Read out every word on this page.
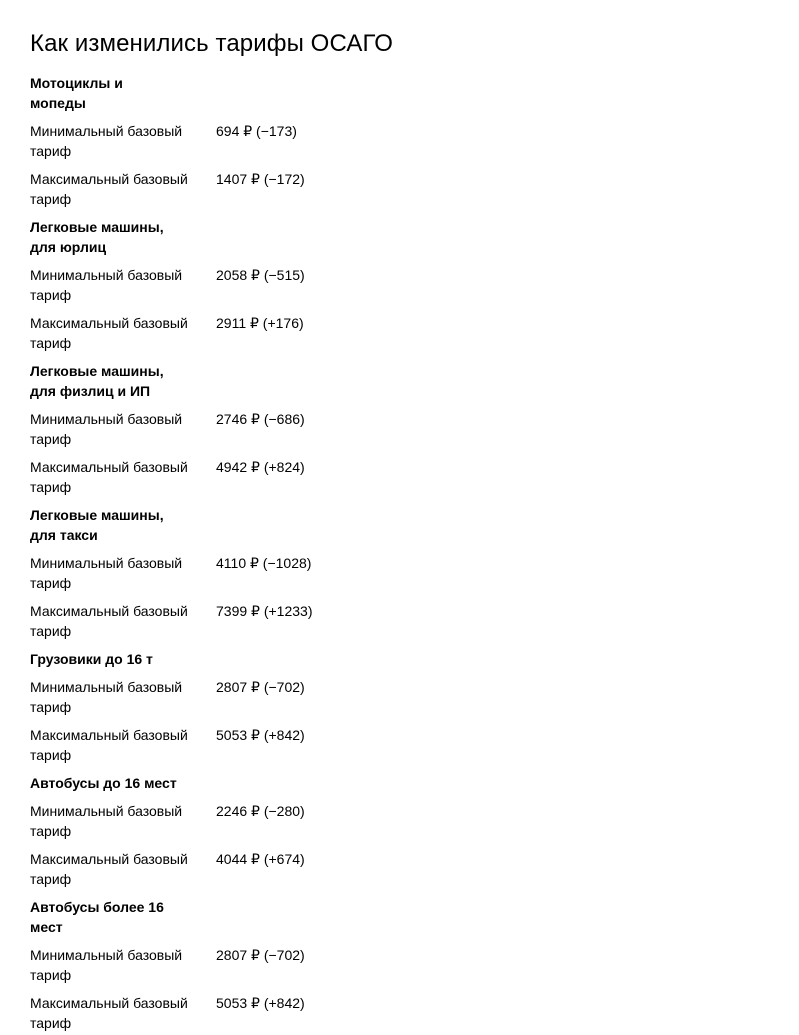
Как изменились тарифы ОСАГО
Мотоциклы и мопеды
Минимальный базовый тариф
694 ₽ (−173)
Максимальный базовый тариф
1407 ₽ (−172)
Легковые машины, для юрлиц
Минимальный базовый тариф
2058 ₽ (−515)
Максимальный базовый тариф
2911 ₽ (+176)
Легковые машины, для физлиц и ИП
Минимальный базовый тариф
2746 ₽ (−686)
Максимальный базовый тариф
4942 ₽ (+824)
Легковые машины, для такси
Минимальный базовый тариф
4110 ₽ (−1028)
Максимальный базовый тариф
7399 ₽ (+1233)
Грузовики до 16 т
Минимальный базовый тариф
2807 ₽ (−702)
Максимальный базовый тариф
5053 ₽ (+842)
Автобусы до 16 мест
Минимальный базовый тариф
2246 ₽ (−280)
Максимальный базовый тариф
4044 ₽ (+674)
Автобусы более 16 мест
Минимальный базовый тариф
2807 ₽ (−702)
Максимальный базовый тариф
5053 ₽ (+842)
